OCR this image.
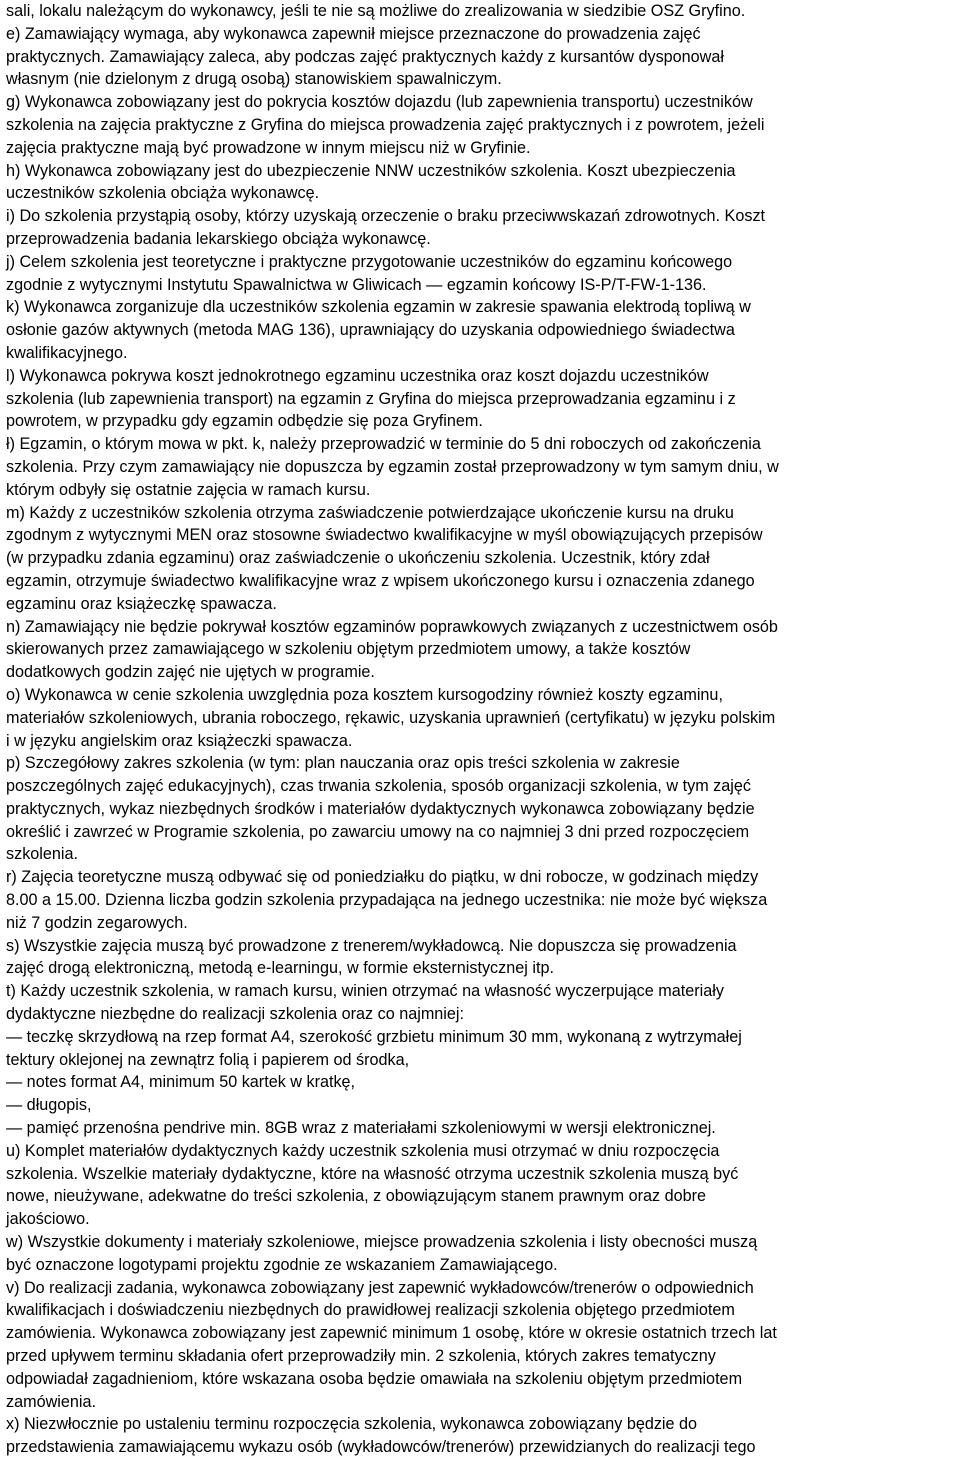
sali, lokalu należącym do wykonawcy, jeśli te nie są możliwe do zrealizowania w siedzibie OSZ Gryfino.
e) Zamawiający wymaga, aby wykonawca zapewnił miejsce przeznaczone do prowadzenia zajęć
praktycznych. Zamawiający zaleca, aby podczas zajęć praktycznych każdy z kursantów dysponował
własnym (nie dzielonym z drugą osobą) stanowiskiem spawalniczym.
g) Wykonawca zobowiązany jest do pokrycia kosztów dojazdu (lub zapewnienia transportu) uczestników
szkolenia na zajęcia praktyczne z Gryfina do miejsca prowadzenia zajęć praktycznych i z powrotem, jeżeli
zajęcia praktyczne mają być prowadzone w innym miejscu niż w Gryfinie.
h) Wykonawca zobowiązany jest do ubezpieczenie NNW uczestników szkolenia. Koszt ubezpieczenia
uczestników szkolenia obciąża wykonawcę.
i) Do szkolenia przystąpią osoby, którzy uzyskają orzeczenie o braku przeciwwskazań zdrowotnych. Koszt
przeprowadzenia badania lekarskiego obciąża wykonawcę.
j) Celem szkolenia jest teoretyczne i praktyczne przygotowanie uczestników do egzaminu końcowego
zgodnie z wytycznymi Instytutu Spawalnictwa w Gliwicach — egzamin końcowy IS-P/T-FW-1-136.
k) Wykonawca zorganizuje dla uczestników szkolenia egzamin w zakresie spawania elektrodą topliwą w
osłonie gazów aktywnych (metoda MAG 136), uprawniający do uzyskania odpowiedniego świadectwa
kwalifikacyjnego.
l) Wykonawca pokrywa koszt jednokrotnego egzaminu uczestnika oraz koszt dojazdu uczestników
szkolenia (lub zapewnienia transport) na egzamin z Gryfina do miejsca przeprowadzania egzaminu i z
powrotem, w przypadku gdy egzamin odbędzie się poza Gryfinem.
ł) Egzamin, o którym mowa w pkt. k, należy przeprowadzić w terminie do 5 dni roboczych od zakończenia
szkolenia. Przy czym zamawiający nie dopuszcza by egzamin został przeprowadzony w tym samym dniu, w
którym odbyły się ostatnie zajęcia w ramach kursu.
m) Każdy z uczestników szkolenia otrzyma zaświadczenie potwierdzające ukończenie kursu na druku
zgodnym z wytycznymi MEN oraz stosowne świadectwo kwalifikacyjne w myśl obowiązujących przepisów
(w przypadku zdania egzaminu) oraz zaświadczenie o ukończeniu szkolenia. Uczestnik, który zdał
egzamin, otrzymuje świadectwo kwalifikacyjne wraz z wpisem ukończonego kursu i oznaczenia zdanego
egzaminu oraz książeczkę spawacza.
n) Zamawiający nie będzie pokrywał kosztów egzaminów poprawkowych związanych z uczestnictwem osób
skierowanych przez zamawiającego w szkoleniu objętym przedmiotem umowy, a także kosztów
dodatkowych godzin zajęć nie ujętych w programie.
o) Wykonawca w cenie szkolenia uwzględnia poza kosztem kursogodziny również koszty egzaminu,
materiałów szkoleniowych, ubrania roboczego, rękawic, uzyskania uprawnień (certyfikatu) w języku polskim
i w języku angielskim oraz książeczki spawacza.
p) Szczegółowy zakres szkolenia (w tym: plan nauczania oraz opis treści szkolenia w zakresie
poszczególnych zajęć edukacyjnych), czas trwania szkolenia, sposób organizacji szkolenia, w tym zajęć
praktycznych, wykaz niezbędnych środków i materiałów dydaktycznych wykonawca zobowiązany będzie
określić i zawrzeć w Programie szkolenia, po zawarciu umowy na co najmniej 3 dni przed rozpoczęciem
szkolenia.
r) Zajęcia teoretyczne muszą odbywać się od poniedziałku do piątku, w dni robocze, w godzinach między
8.00 a 15.00. Dzienna liczba godzin szkolenia przypadająca na jednego uczestnika: nie może być większa
niż 7 godzin zegarowych.
s) Wszystkie zajęcia muszą być prowadzone z trenerem/wykładowcą. Nie dopuszcza się prowadzenia
zajęć drogą elektroniczną, metodą e-learningu, w formie eksternistycznej itp.
t) Każdy uczestnik szkolenia, w ramach kursu, winien otrzymać na własność wyczerpujące materiały
dydaktyczne niezbędne do realizacji szkolenia oraz co najmniej:
— teczkę skrzydłową na rzep format A4, szerokość grzbietu minimum 30 mm, wykonaną z wytrzymałej
tektury oklejonej na zewnątrz folią i papierem od środka,
— notes format A4, minimum 50 kartek w kratkę,
— długopis,
— pamięć przenośna pendrive min. 8GB wraz z materiałami szkoleniowymi w wersji elektronicznej.
u) Komplet materiałów dydaktycznych każdy uczestnik szkolenia musi otrzymać w dniu rozpoczęcia
szkolenia. Wszelkie materiały dydaktyczne, które na własność otrzyma uczestnik szkolenia muszą być
nowe, nieużywane, adekwatne do treści szkolenia, z obowiązującym stanem prawnym oraz dobre
jakościowo.
w) Wszystkie dokumenty i materiały szkoleniowe, miejsce prowadzenia szkolenia i listy obecności muszą
być oznaczone logotypami projektu zgodnie ze wskazaniem Zamawiającego.
v) Do realizacji zadania, wykonawca zobowiązany jest zapewnić wykładowców/trenerów o odpowiednich
kwalifikacjach i doświadczeniu niezbędnych do prawidłowej realizacji szkolenia objętego przedmiotem
zamówienia. Wykonawca zobowiązany jest zapewnić minimum 1 osobę, które w okresie ostatnich trzech lat
przed upływem terminu składania ofert przeprowadziły min. 2 szkolenia, których zakres tematyczny
odpowiadał zagadnieniom, które wskazana osoba będzie omawiała na szkoleniu objętym przedmiotem
zamówienia.
x) Niezwłocznie po ustaleniu terminu rozpoczęcia szkolenia, wykonawca zobowiązany będzie do
przedstawienia zamawiającemu wykazu osób (wykładowców/trenerów) przewidzianych do realizacji tego
